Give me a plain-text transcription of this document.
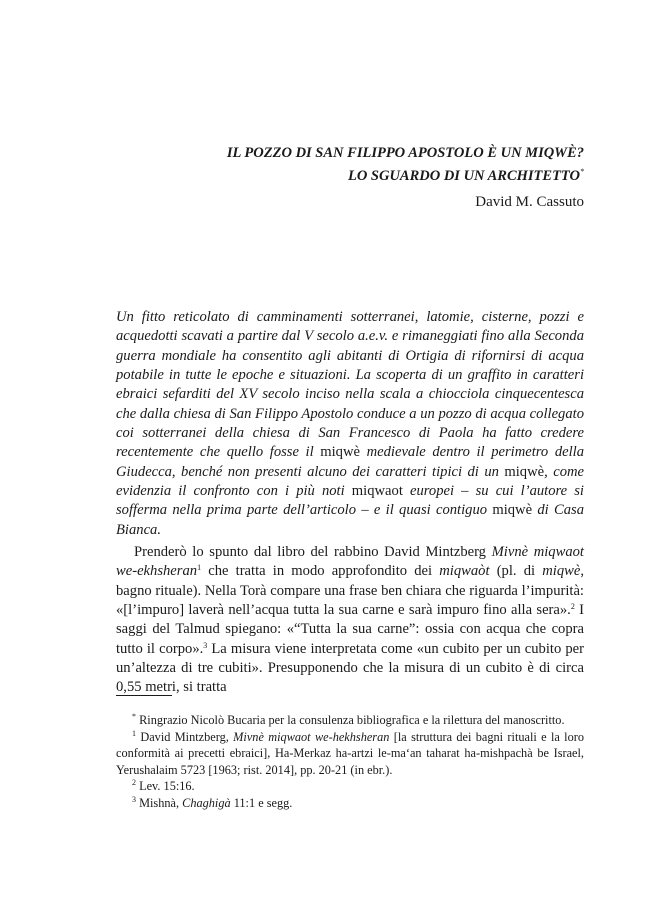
IL POZZO DI SAN FILIPPO APOSTOLO È UN MIQWÈ?
LO SGUARDO DI UN ARCHITETTO*

David M. Cassuto

Un fitto reticolato di camminamenti sotterranei, latomie, cisterne, pozzi e acquedotti scavati a partire dal V secolo a.e.v. e rimaneggiati fino alla Seconda guerra mondiale ha consentito agli abitanti di Ortigia di rifornirsi di acqua potabile in tutte le epoche e situazioni. La scoperta di un graffito in caratteri ebraici sefarditi del XV secolo inciso nella scala a chiocciola cinquecentesca che dalla chiesa di San Filippo Apostolo conduce a un pozzo di acqua collegato coi sotterranei della chiesa di San Francesco di Paola ha fatto credere recentemente che quello fosse il miqwè medievale dentro il perimetro della Giudecca, benché non presenti alcuno dei caratteri tipici di un miqwè, come evidenzia il confronto con i più noti miqwaot europei – su cui l’autore si sofferma nella prima parte dell’articolo – e il quasi contiguo miqwè di Casa Bianca.

Prenderò lo spunto dal libro del rabbino David Mintzberg Mivnè miqwaot we-ekhsheran$^1$ che tratta in modo approfondito dei miqwaòt (pl. di miqwè, bagno rituale). Nella Torà compare una frase ben chiara che riguarda l’impurità: «[l’impuro] laverà nell’acqua tutta la sua carne e sarà impuro fino alla sera».$^2$ I saggi del Talmud spiegano: «“Tutta la sua carne”: ossia con acqua che copra tutto il corpo».$^3$ La misura viene interpretata come «un cubito per un cubito per un’altezza di tre cubiti». Presupponendo che la misura di un cubito è di circa 0,55 metri, si tratta

* Ringrazio Nicolò Bucaria per la consulenza bibliografica e la rilettura del manoscritto.

$^1$ David Mintzberg, Mivnè miqwaot we-hekhsheran [la struttura dei bagni rituali e la loro conformità ai precetti ebraici], Ha-Merkaz ha-artzi le-ma‘an taharat ha-mishpachà be Israel, Yerushalaim 5723 [1963; rist. 2014], pp. 20-21 (in ebr.).

$^2$ Lev. 15:16.

$^3$ Mishnà, Chaghigà 11:1 e segg.
